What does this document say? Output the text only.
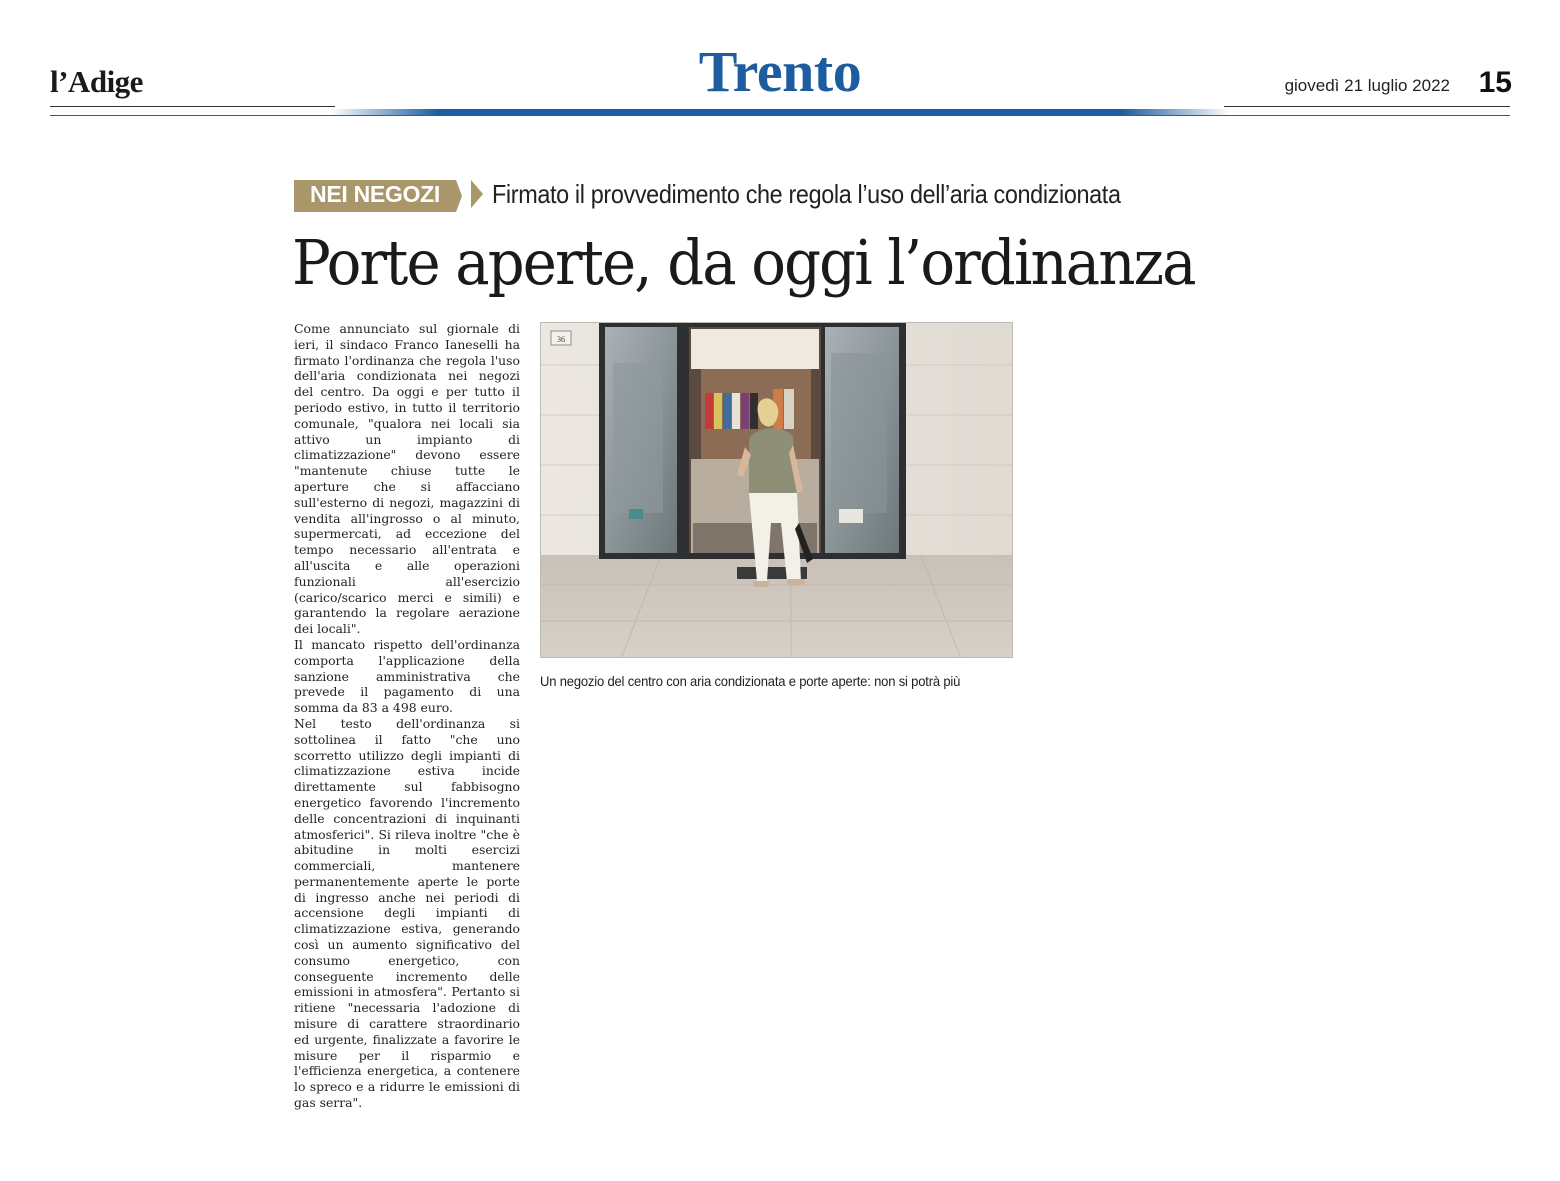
l’Adige	Trento	giovedì 21 luglio 2022 15
NEI NEGOZI	Firmato il provvedimento che regola l’uso dell’aria condizionata
Porte aperte, da oggi l’ordinanza

Come annunciato sul giornale di ieri, il sindaco Franco Ianeselli ha firmato l'ordinanza che regola l'uso dell'aria condizionata nei negozi del centro. Da oggi e per tutto il periodo estivo, in tutto il territorio comunale, "qualora nei locali sia attivo un impianto di climatizzazione" devono essere "mantenute chiuse tutte le aperture che si affacciano sull'esterno di negozi, magazzini di vendita all'ingrosso o al minuto, supermercati, ad eccezione del tempo necessario all'entrata e all'uscita e alle operazioni funzionali all'esercizio (carico/scarico merci e simili) e garantendo la regolare aerazione dei locali".

Il mancato rispetto dell'ordinanza comporta l'applicazione della sanzione amministrativa che prevede il pagamento di una somma da 83 a 498 euro.

Nel testo dell'ordinanza si sottolinea il fatto "che uno scorretto utilizzo degli impianti di climatizzazione estiva incide direttamente sul fabbisogno energetico favorendo l'incremento delle concentrazioni di inquinanti atmosferici". Si rileva inoltre "che è abitudine in molti esercizi commerciali, mantenere permanentemente aperte le porte di ingresso anche nei periodi di accensione degli impianti di climatizzazione estiva, generando così un aumento significativo del consumo energetico, con conseguente incremento delle emissioni in atmosfera". Pertanto si ritiene "necessaria l'adozione di misure di carattere straordinario ed urgente, finalizzate a favorire le misure per il risparmio e l'efficienza energetica, a contenere lo spreco e a ridurre le emissioni di gas serra".

36
Un negozio del centro con aria condizionata e porte aperte: non si potrà più
